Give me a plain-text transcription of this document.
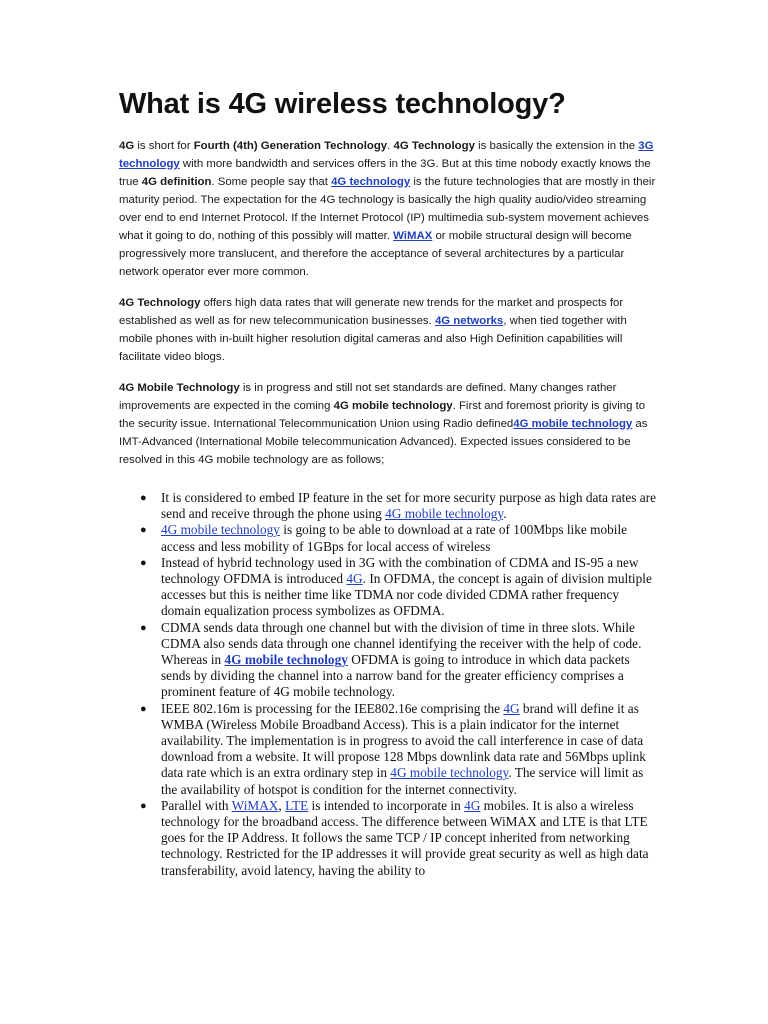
What is 4G wireless technology?

4G is short for Fourth (4th) Generation Technology. 4G Technology is basically the extension in the 3G technology with more bandwidth and services offers in the 3G. But at this time nobody exactly knows the true 4G definition. Some people say that 4G technology is the future technologies that are mostly in their maturity period. The expectation for the 4G technology is basically the high quality audio/video streaming over end to end Internet Protocol. If the Internet Protocol (IP) multimedia sub-system movement achieves what it going to do, nothing of this possibly will matter. WiMAX or mobile structural design will become progressively more translucent, and therefore the acceptance of several architectures by a particular network operator ever more common.

4G Technology offers high data rates that will generate new trends for the market and prospects for established as well as for new telecommunication businesses. 4G networks, when tied together with mobile phones with in-built higher resolution digital cameras and also High Definition capabilities will facilitate video blogs.

4G Mobile Technology is in progress and still not set standards are defined. Many changes rather improvements are expected in the coming 4G mobile technology. First and foremost priority is giving to the security issue. International Telecommunication Union using Radio defined4G mobile technology as IMT-Advanced (International Mobile telecommunication Advanced). Expected issues considered to be resolved in this 4G mobile technology are as follows;

● It is considered to embed IP feature in the set for more security purpose as high data rates are send and receive through the phone using 4G mobile technology.
● 4G mobile technology is going to be able to download at a rate of 100Mbps like mobile access and less mobility of 1GBps for local access of wireless
● Instead of hybrid technology used in 3G with the combination of CDMA and IS-95 a new technology OFDMA is introduced 4G. In OFDMA, the concept is again of division multiple accesses but this is neither time like TDMA nor code divided CDMA rather frequency domain equalization process symbolizes as OFDMA.
● CDMA sends data through one channel but with the division of time in three slots. While CDMA also sends data through one channel identifying the receiver with the help of code. Whereas in 4G mobile technology OFDMA is going to introduce in which data packets sends by dividing the channel into a narrow band for the greater efficiency comprises a prominent feature of 4G mobile technology.
● IEEE 802.16m is processing for the IEE802.16e comprising the 4G brand will define it as WMBA (Wireless Mobile Broadband Access). This is a plain indicator for the internet availability. The implementation is in progress to avoid the call interference in case of data download from a website. It will propose 128 Mbps downlink data rate and 56Mbps uplink data rate which is an extra ordinary step in 4G mobile technology. The service will limit as the availability of hotspot is condition for the internet connectivity.
● Parallel with WiMAX, LTE is intended to incorporate in 4G mobiles. It is also a wireless technology for the broadband access. The difference between WiMAX and LTE is that LTE goes for the IP Address. It follows the same TCP / IP concept inherited from networking technology. Restricted for the IP addresses it will provide great security as well as high data transferability, avoid latency, having the ability to
